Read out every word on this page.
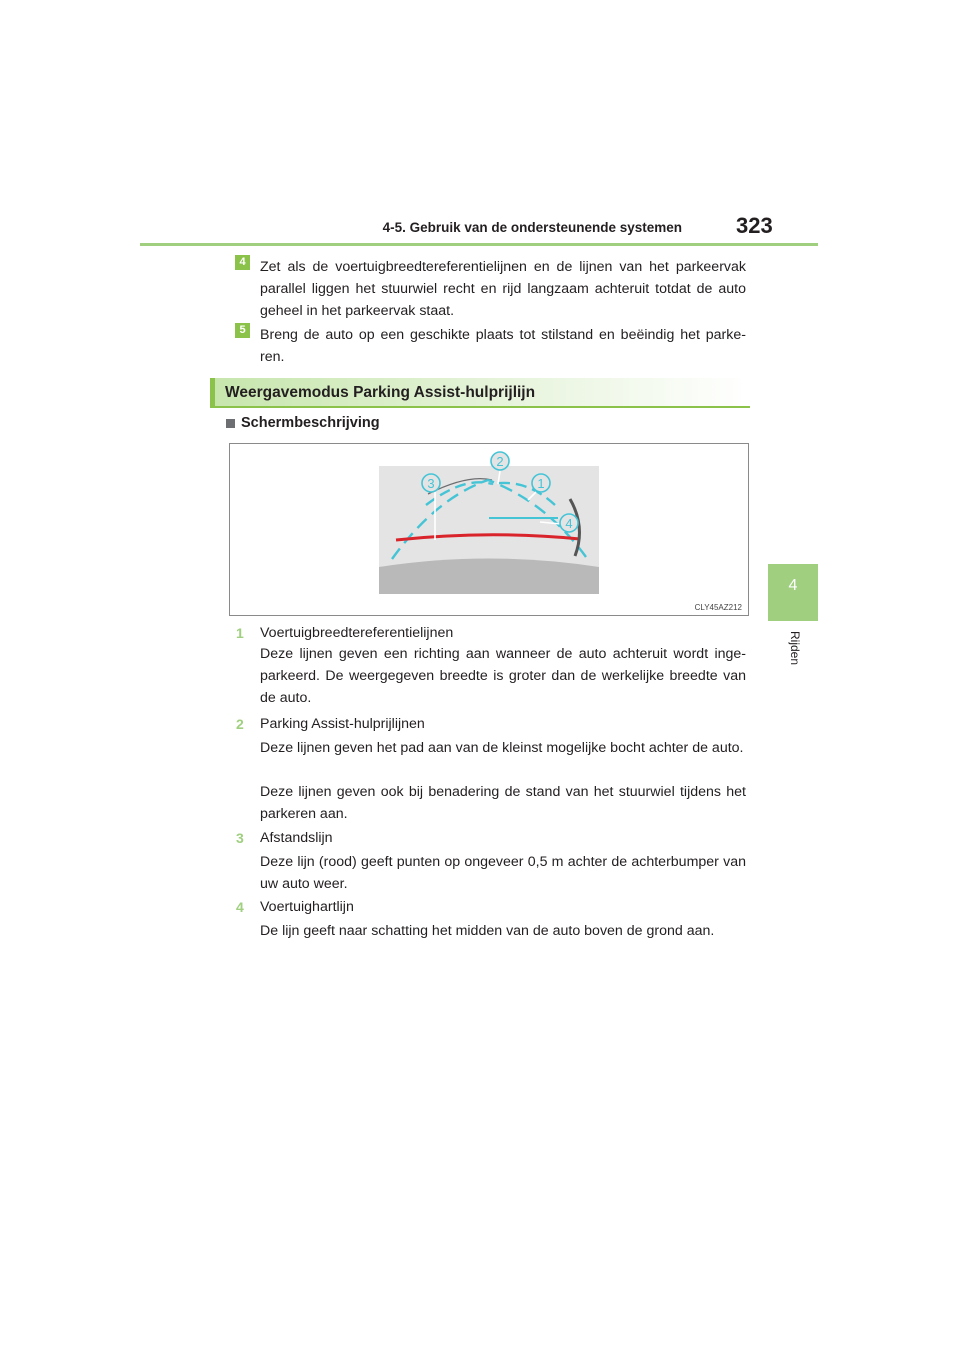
4-5. Gebruik van de ondersteunende systemen 323
4
Rijden
4	Zet als de voertuigbreedtereferentielijnen en de lijnen van het parkeervak parallel liggen het stuurwiel recht en rijd langzaam achteruit totdat de auto geheel in het parkeervak staat.
5	Breng de auto op een geschikte plaats tot stilstand en beëindig het parke-ren.
Weergavemodus Parking Assist-hulprijlijn
Schermbeschrijving
3
2
1
4
CLY45AZ212
1 Voertuigbreedtereferentielijnen
Deze lijnen geven een richting aan wanneer de auto achteruit wordt inge-parkeerd. De weergegeven breedte is groter dan de werkelijke breedte van de auto.
2 Parking Assist-hulprijlijnen
Deze lijnen geven het pad aan van de kleinst mogelijke bocht achter de auto.
Deze lijnen geven ook bij benadering de stand van het stuurwiel tijdens het parkeren aan.
3 Afstandslijn
Deze lijn (rood) geeft punten op ongeveer 0,5 m achter de achterbumper van uw auto weer.
4 Voertuighartlijn
De lijn geeft naar schatting het midden van de auto boven de grond aan.
